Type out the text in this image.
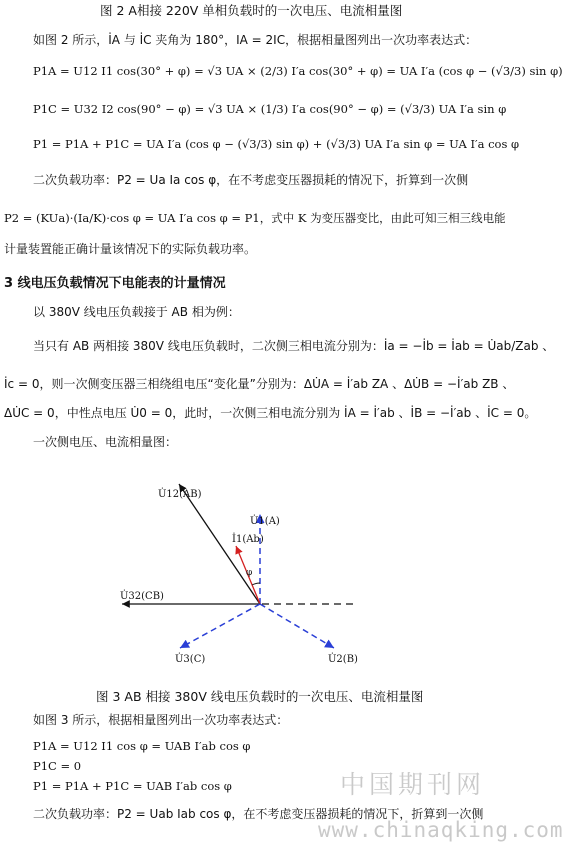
图 2 A相接 220V 单相负载时的一次电压、电流相量图
如图 2 所示，İA 与 İC 夹角为 180°，IA = 2IC，根据相量图列出一次功率表达式：
P1A = U12 I1 cos(30° + φ) = √3 UA × (2/3) I′a cos(30° + φ) = UA I′a (cos φ − (√3/3) sin φ)
P1C = U32 I2 cos(90° − φ) = √3 UA × (1/3) I′a cos(90° − φ) = (√3/3) UA I′a sin φ
P1 = P1A + P1C = UA I′a (cos φ − (√3/3) sin φ) + (√3/3) UA I′a sin φ = UA I′a cos φ
二次负载功率：P2 = Ua Ia cos φ，在不考虑变压器损耗的情况下，折算到一次侧
P2 = (KUa)·(Ia/K)·cos φ = UA I′a cos φ = P1，式中 K 为变压器变比，由此可知三相三线电能
计量装置能正确计量该情况下的实际负载功率。
3 线电压负载情况下电能表的计量情况
以 380V 线电压负载接于 AB 相为例：
当只有 AB 两相接 380V 线电压负载时，二次侧三相电流分别为：İa = −İb = İab = U̇ab/Zab 、
İc = 0，则一次侧变压器三相绕组电压“变化量”分别为：ΔU̇A = İ′ab ZA 、ΔU̇B = −İ′ab ZB 、
ΔU̇C = 0，中性点电压 U̇0 = 0，此时，一次侧三相电流分别为 İA = İ′ab 、İB = −İ′ab 、İC = 0。
一次侧电压、电流相量图：
U̇12(AB)
U̇1(A)
İ1(Ab)
φ
U̇32(CB)
U̇3(C)	U̇2(B)
图 3 AB 相接 380V 线电压负载时的一次电压、电流相量图
如图 3 所示，根据相量图列出一次功率表达式：
P1A = U12 I1 cos φ = UAB I′ab cos φ
P1C = 0
P1 = P1A + P1C = UAB I′ab cos φ	中国期刊网
二次负载功率：P2 = Uab Iab cos φ，在不考虑变压器损耗的情况下，折算到一次侧
www.chinaqking.com
